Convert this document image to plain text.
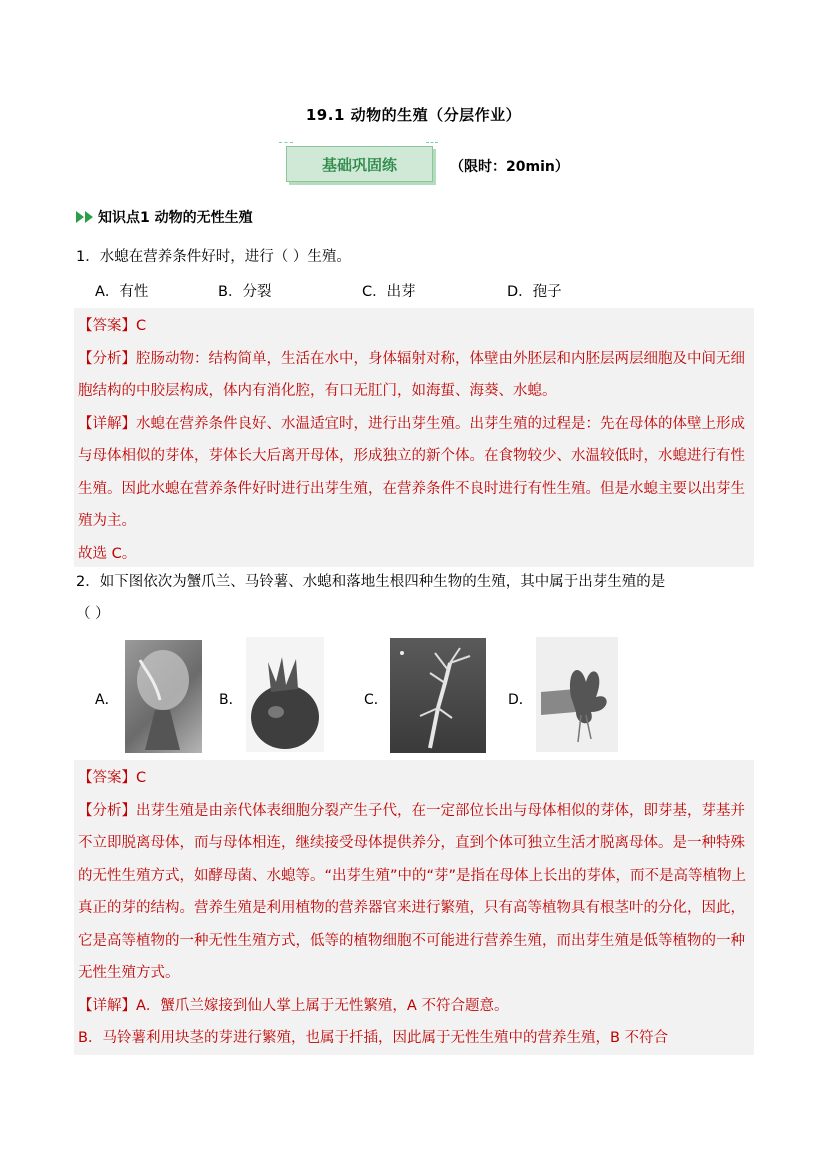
19.1 动物的生殖（分层作业）
基础巩固练	（限时：20min）
知识点1 动物的无性生殖
1．水螅在营养条件好时，进行（ ）生殖。
A．有性	B．分裂	C．出芽	D．孢子

【答案】C

【分析】腔肠动物：结构简单，生活在水中，身体辐射对称，体壁由外胚层和内胚层两层细胞及中间无细胞结构的中胶层构成，体内有消化腔，有口无肛门，如海蜇、海葵、水螅。

【详解】水螅在营养条件良好、水温适宜时，进行出芽生殖。出芽生殖的过程是：先在母体的体壁上形成与母体相似的芽体，芽体长大后离开母体，形成独立的新个体。在食物较少、水温较低时，水螅进行有性生殖。因此水螅在营养条件好时进行出芽生殖，在营养条件不良时进行有性生殖。但是水螅主要以出芽生殖为主。

故选 C。

2．如下图依次为蟹爪兰、马铃薯、水螅和落地生根四种生物的生殖，其中属于出芽生殖的是
（ ）
A．	B．	C．	D．

【答案】C

【分析】出芽生殖是由亲代体表细胞分裂产生子代，在一定部位长出与母体相似的芽体，即芽基，芽基并不立即脱离母体，而与母体相连，继续接受母体提供养分，直到个体可独立生活才脱离母体。是一种特殊的无性生殖方式，如酵母菌、水螅等。“出芽生殖”中的“芽”是指在母体上长出的芽体，而不是高等植物上真正的芽的结构。营养生殖是利用植物的营养器官来进行繁殖，只有高等植物具有根茎叶的分化，因此，它是高等植物的一种无性生殖方式，低等的植物细胞不可能进行营养生殖，而出芽生殖是低等植物的一种无性生殖方式。

【详解】A．蟹爪兰嫁接到仙人掌上属于无性繁殖，A 不符合题意。

B．马铃薯利用块茎的芽进行繁殖，也属于扦插，因此属于无性生殖中的营养生殖，B 不符合
